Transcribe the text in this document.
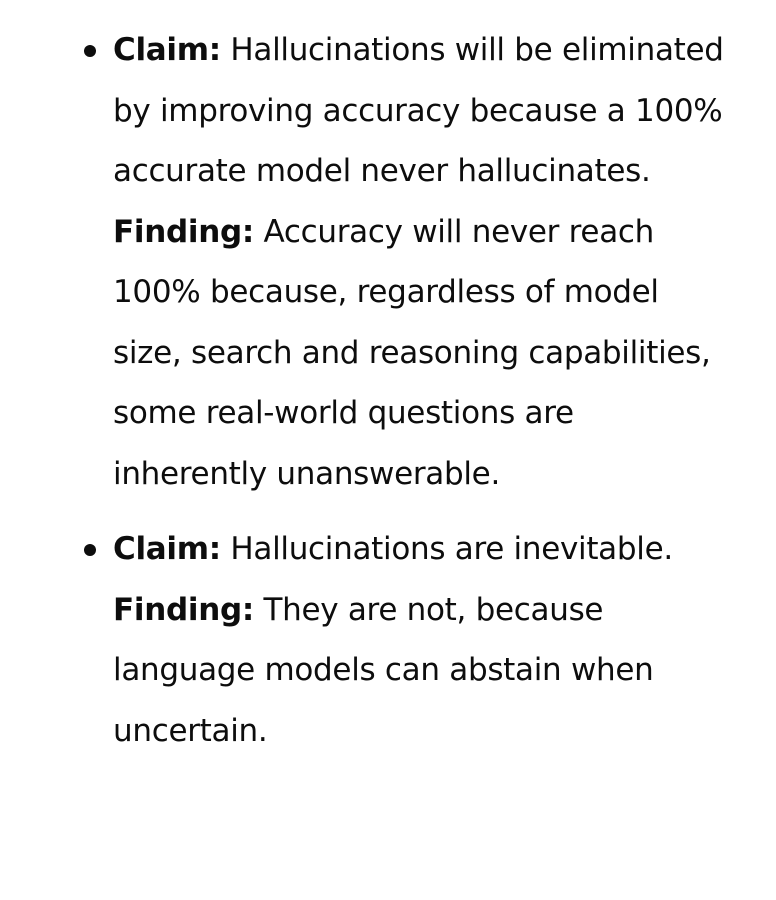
Claim: Hallucinations will be eliminated by improving accuracy because a 100% accurate model never hallucinates.
Finding: Accuracy will never reach 100% because, regardless of model size, search and reasoning capabilities, some real-world questions are inherently unanswerable.
Claim: Hallucinations are inevitable.
Finding: They are not, because language models can abstain when uncertain.
